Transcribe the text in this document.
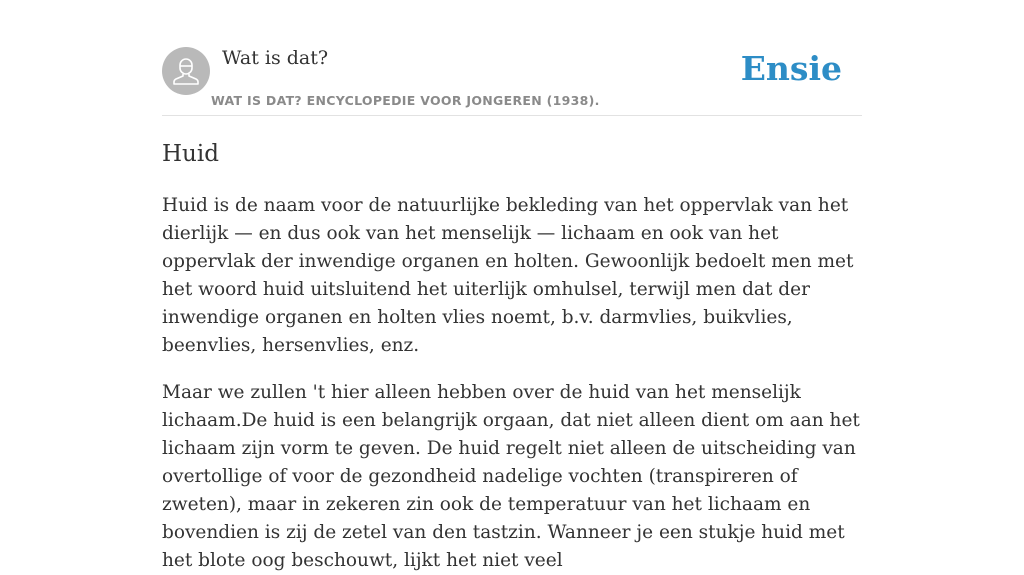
Wat is dat?
WAT IS DAT? ENCYCLOPEDIE VOOR JONGEREN (1938).
Ensie
Huid

Huid is de naam voor de natuurlijke bekleding van het oppervlak van het dierlijk — en dus ook van het menselijk — lichaam en ook van het oppervlak der inwendige organen en holten. Gewoonlijk bedoelt men met het woord huid uitsluitend het uiterlijk omhulsel, terwijl men dat der inwendige organen en holten vlies noemt, b.v. darmvlies, buikvlies, beenvlies, hersenvlies, enz.

Maar we zullen 't hier alleen hebben over de huid van het menselijk lichaam.De huid is een belangrijk orgaan, dat niet alleen dient om aan het lichaam zijn vorm te geven. De huid regelt niet alleen de uitscheiding van overtollige of voor de gezondheid nadelige vochten (transpireren of zweten), maar in zekeren zin ook de temperatuur van het lichaam en bovendien is zij de zetel van den tastzin. Wanneer je een stukje huid met het blote oog beschouwt, lijkt het niet veel
